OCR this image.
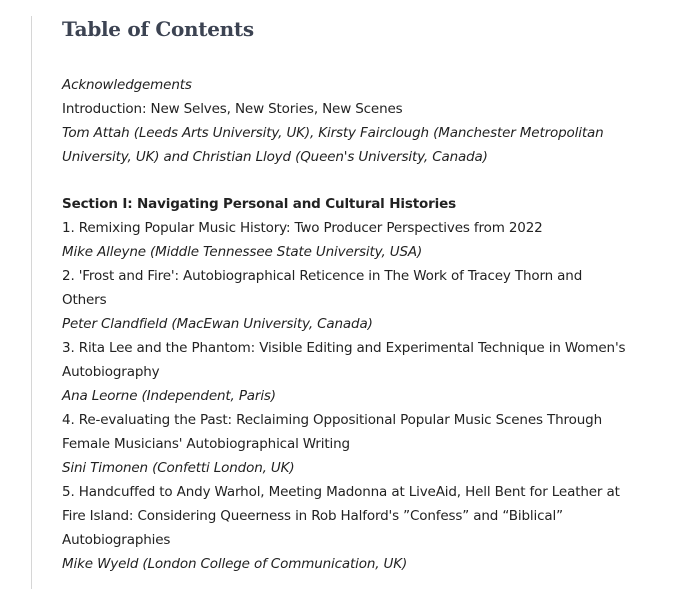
Table of Contents

Acknowledgements

Introduction: New Selves, New Stories, New Scenes

Tom Attah (Leeds Arts University, UK), Kirsty Fairclough (Manchester Metropolitan

University, UK) and Christian Lloyd (Queen's University, Canada)

Section I: Navigating Personal and Cultural Histories

1. Remixing Popular Music History: Two Producer Perspectives from 2022

Mike Alleyne (Middle Tennessee State University, USA)

2. 'Frost and Fire': Autobiographical Reticence in The Work of Tracey Thorn and

Others

Peter Clandfield (MacEwan University, Canada)

3. Rita Lee and the Phantom: Visible Editing and Experimental Technique in Women's

Autobiography

Ana Leorne (Independent, Paris)

4. Re-evaluating the Past: Reclaiming Oppositional Popular Music Scenes Through

Female Musicians' Autobiographical Writing

Sini Timonen (Confetti London, UK)

5. Handcuffed to Andy Warhol, Meeting Madonna at LiveAid, Hell Bent for Leather at

Fire Island: Considering Queerness in Rob Halford's ”Confess” and “Biblical”

Autobiographies

Mike Wyeld (London College of Communication, UK)
